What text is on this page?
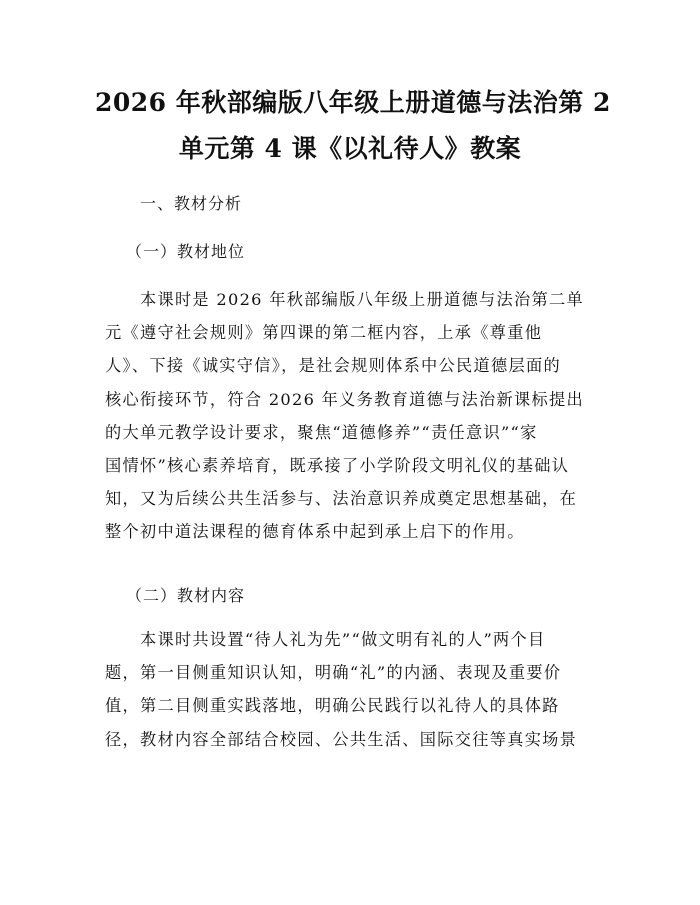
2026 年秋部编版八年级上册道德与法治第 2
单元第 4 课《以礼待人》教案
一、教材分析
（一）教材地位
　　本课时是 2026 年秋部编版八年级上册道德与法治第二单
元《遵守社会规则》第四课的第二框内容，上承《尊重他
人》、下接《诚实守信》，是社会规则体系中公民道德层面的
核心衔接环节，符合 2026 年义务教育道德与法治新课标提出
的大单元教学设计要求，聚焦“道德修养”“责任意识”“家
国情怀”核心素养培育，既承接了小学阶段文明礼仪的基础认
知，又为后续公共生活参与、法治意识养成奠定思想基础，在
整个初中道法课程的德育体系中起到承上启下的作用。
（二）教材内容
　　本课时共设置“待人礼为先”“做文明有礼的人”两个目
题，第一目侧重知识认知，明确“礼”的内涵、表现及重要价
值，第二目侧重实践落地，明确公民践行以礼待人的具体路
径，教材内容全部结合校园、公共生活、国际交往等真实场景
